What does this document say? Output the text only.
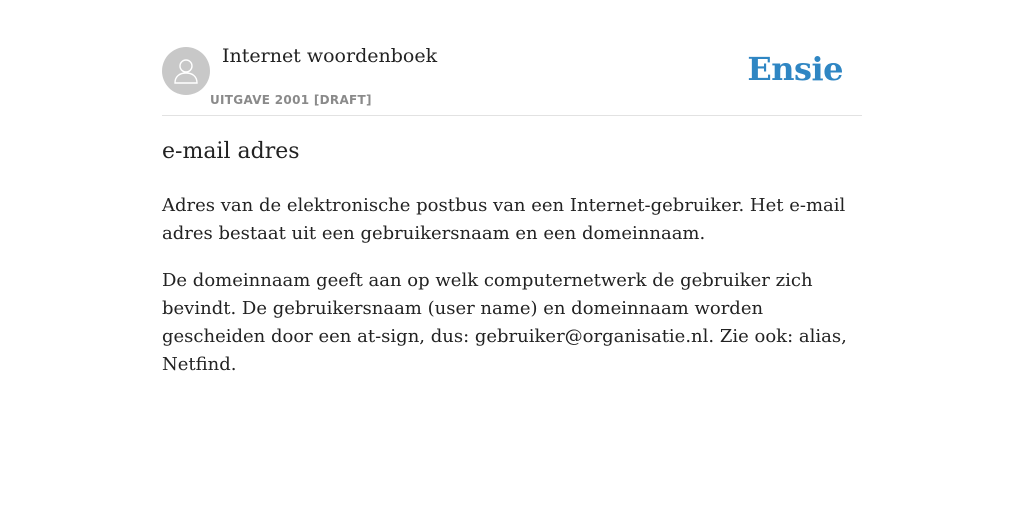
Internet woordenboek
UITGAVE 2001 [DRAFT]
Ensie
e-mail adres

Adres van de elektronische postbus van een Internet-gebruiker. Het e-mail adres bestaat uit een gebruikersnaam en een domeinnaam.

De domeinnaam geeft aan op welk computernetwerk de gebruiker zich bevindt. De gebruikersnaam (user name) en domeinnaam worden gescheiden door een at-sign, dus: gebruiker@organisatie.nl. Zie ook: alias, Netfind.
